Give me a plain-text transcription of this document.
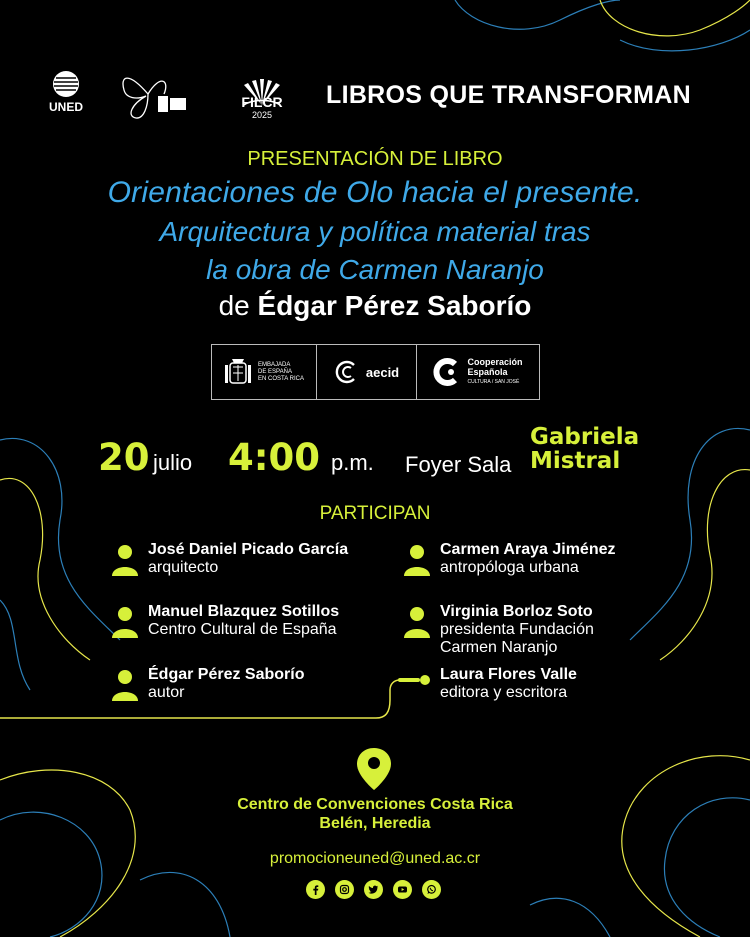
UNED	FILCR
2025
LIBROS QUE TRANSFORMAN
PRESENTACIÓN DE LIBRO
Orientaciones de Olo hacia el presente.
Arquitectura y política material tras
la obra de Carmen Naranjo
de Édgar Pérez Saborío
EMBAJADA
DE ESPAÑA
EN COSTA RICA	aecid
Cooperación
Española
CULTURA / SAN JOSÉ
20 julio 4:00 p.m. Foyer Sala
Gabriela
Mistral
PARTICIPAN
José Daniel Picado García
arquitecto
Carmen Araya Jiménez
antropóloga urbana
Manuel Blazquez Sotillos
Centro Cultural de España
Virginia Borloz Soto
presidenta Fundación
Carmen Naranjo
Édgar Pérez Saborío
autor
Laura Flores Valle
editora y escritora
Centro de Convenciones Costa Rica
Belén, Heredia
promocioneuned@uned.ac.cr
